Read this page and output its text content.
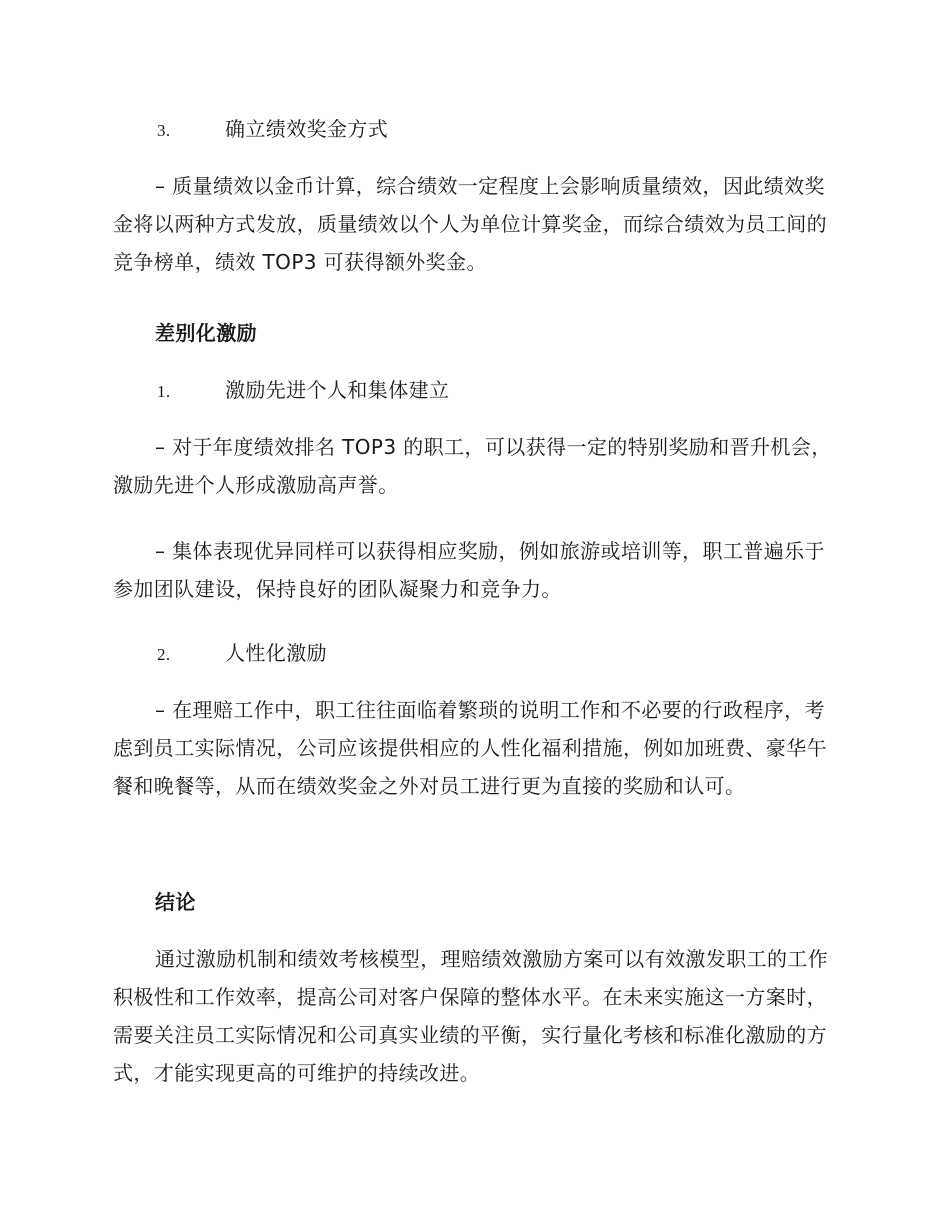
3.	确立绩效奖金方式

– 质量绩效以金币计算，综合绩效一定程度上会影响质量绩效，因此绩效奖金将以两种方式发放，质量绩效以个人为单位计算奖金，而综合绩效为员工间的竞争榜单，绩效 TOP3 可获得额外奖金。

差别化激励
1.	激励先进个人和集体建立

– 对于年度绩效排名 TOP3 的职工，可以获得一定的特别奖励和晋升机会，激励先进个人形成激励高声誉。

– 集体表现优异同样可以获得相应奖励，例如旅游或培训等，职工普遍乐于参加团队建设，保持良好的团队凝聚力和竞争力。

2.	人性化激励

– 在理赔工作中，职工往往面临着繁琐的说明工作和不必要的行政程序，考虑到员工实际情况，公司应该提供相应的人性化福利措施，例如加班费、豪华午餐和晚餐等，从而在绩效奖金之外对员工进行更为直接的奖励和认可。

结论

通过激励机制和绩效考核模型，理赔绩效激励方案可以有效激发职工的工作积极性和工作效率，提高公司对客户保障的整体水平。在未来实施这一方案时，需要关注员工实际情况和公司真实业绩的平衡，实行量化考核和标准化激励的方式，才能实现更高的可维护的持续改进。
